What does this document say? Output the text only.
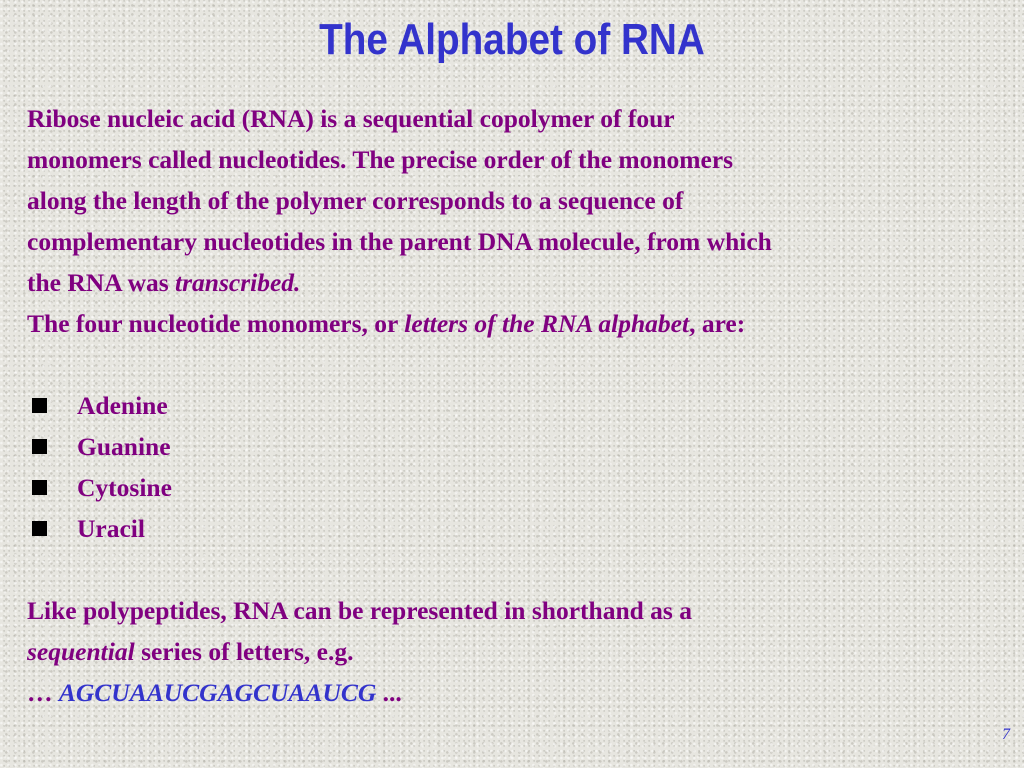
The Alphabet of RNA

Ribose nucleic acid (RNA) is a sequential copolymer of four
monomers called nucleotides. The precise order of the monomers
along the length of the polymer corresponds to a sequence of
complementary nucleotides in the parent DNA molecule, from which
the RNA was transcribed.
The four nucleotide monomers, or letters of the RNA alphabet, are:

Adenine
Guanine
Cytosine
Uracil

Like polypeptides, RNA can be represented in shorthand as a
sequential series of letters, e.g.
… AGCUAAUCGAGCUAAUCG ...

7
